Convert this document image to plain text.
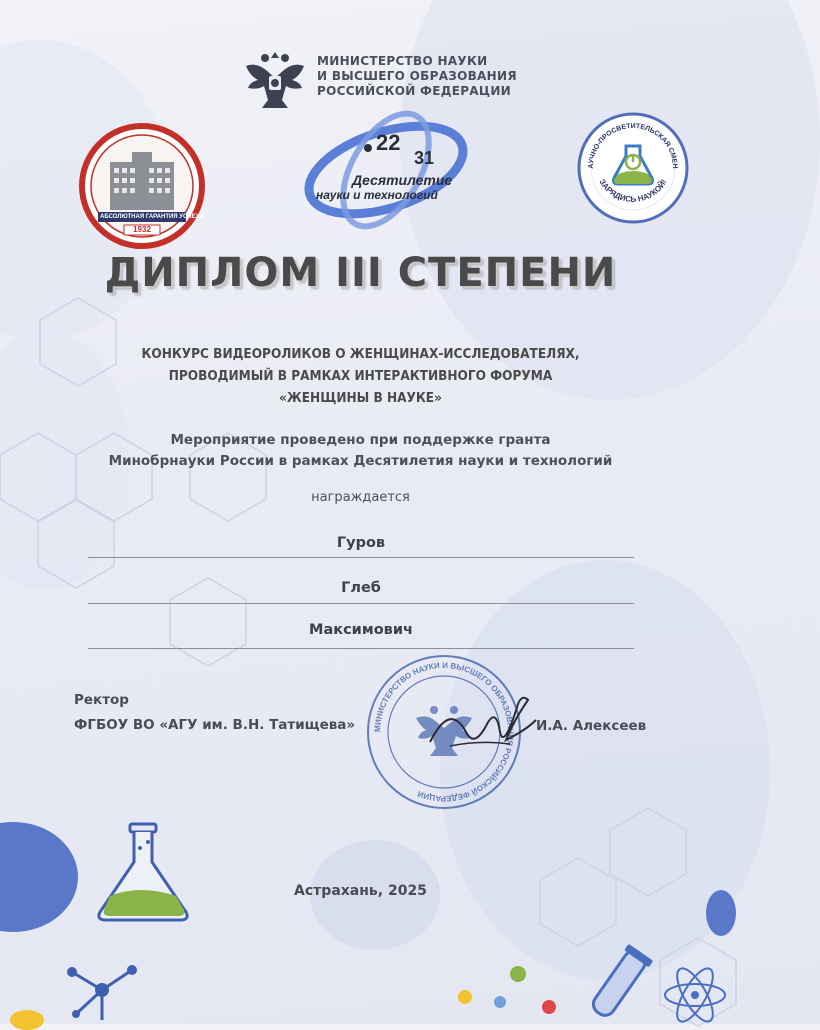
МИНИСТЕРСТВО НАУКИ
И ВЫСШЕГО ОБРАЗОВАНИЯ
РОССИЙСКОЙ ФЕДЕРАЦИИ
АБСОЛЮТНАЯ ГАРАНТИЯ УСПЕХА
1932
22
31
Десятилетие
науки и технологий
АУЧНО-ПРОСВЕТИТЕЛЬСКАЯ СМЕН
ЗАРЯДИСЬ НАУКОЙ!
ДИПЛОМ III СТЕПЕНИ
КОНКУРС ВИДЕОРОЛИКОВ О ЖЕНЩИНАХ-ИССЛЕДОВАТЕЛЯХ,
ПРОВОДИМЫЙ В РАМКАХ ИНТЕРАКТИВНОГО ФОРУМА
«ЖЕНЩИНЫ В НАУКЕ»
Мероприятие проведено при поддержке гранта
Минобрнауки России в рамках Десятилетия науки и технологий
награждается
Гуров
Глеб
Максимович
МИНИСТЕРСТВО НАУКИ И ВЫСШЕГО ОБРАЗОВАНИЯ РОССИЙСКОЙ ФЕДЕРАЦИИ
Ректор
ФГБОУ ВО «АГУ им. В.Н. Татищева»	И.А. Алексеев
Астрахань, 2025
